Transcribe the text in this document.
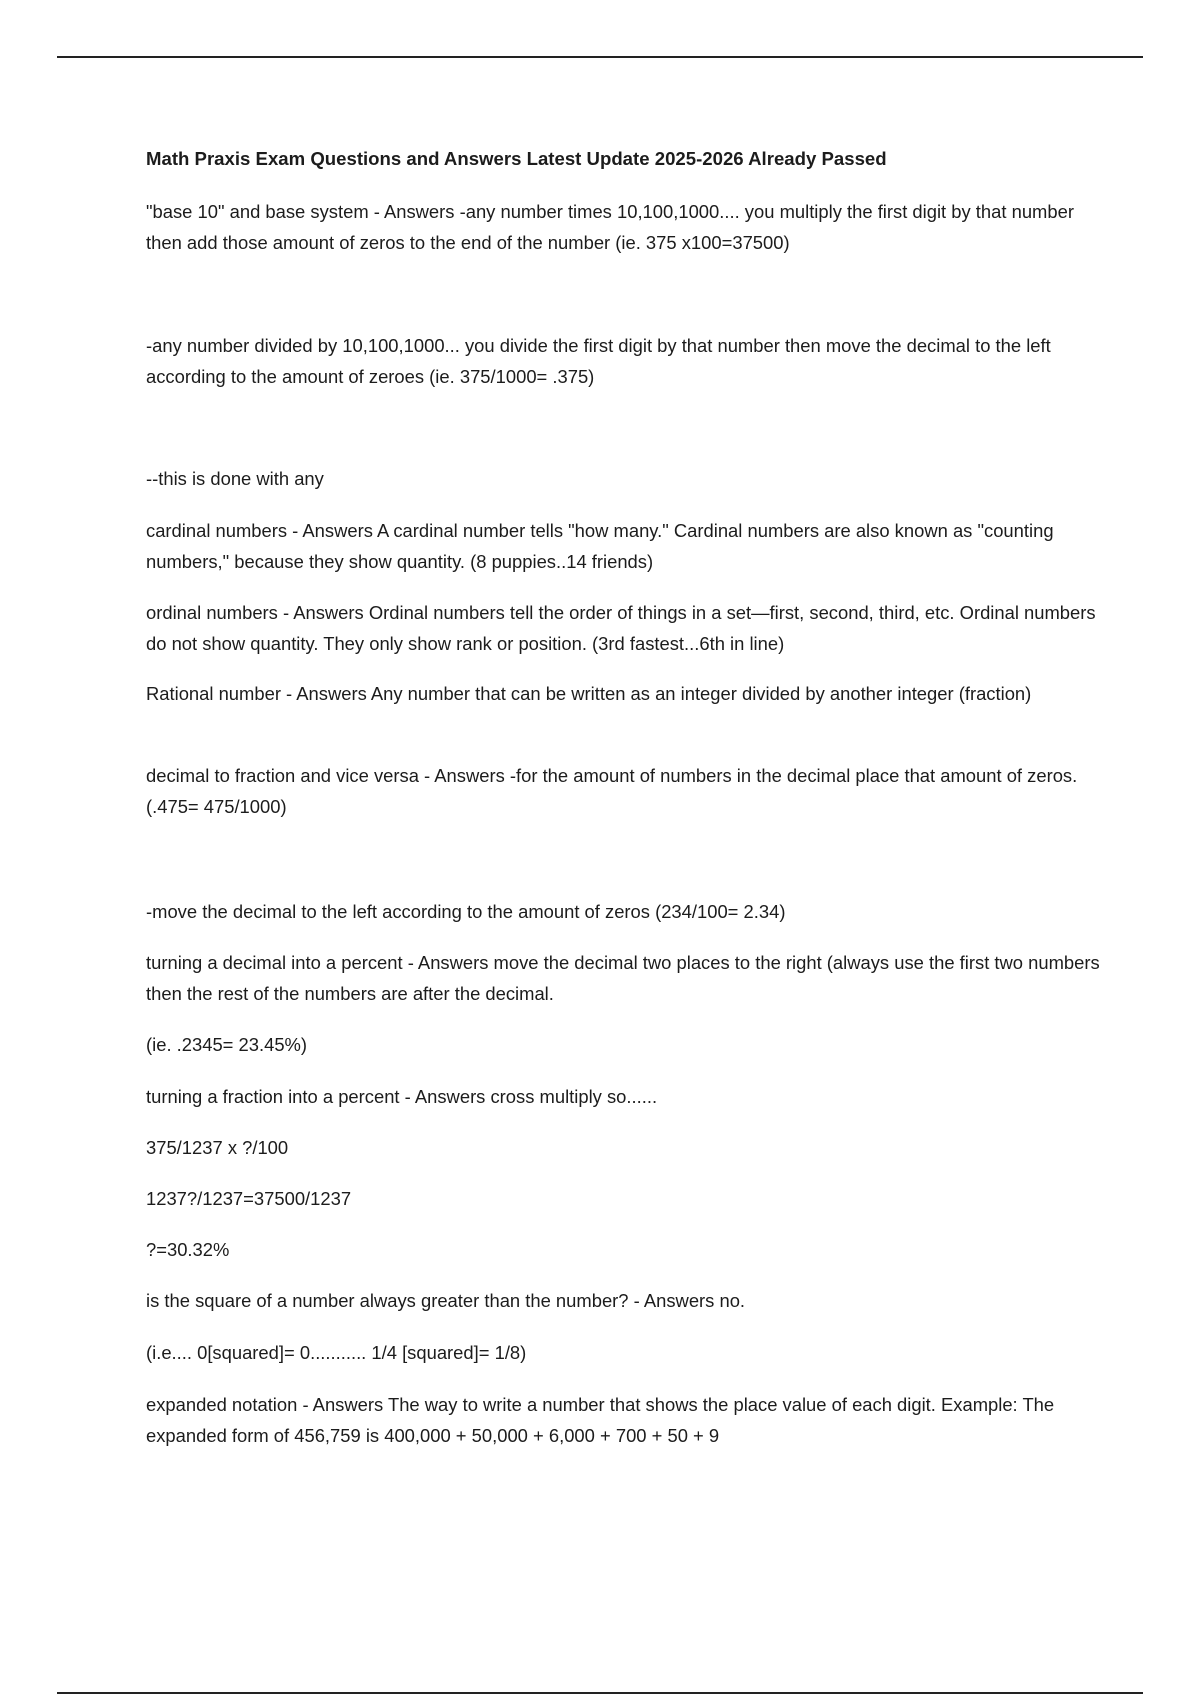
Math Praxis Exam Questions and Answers Latest Update 2025-2026 Already Passed

"base 10" and base system - Answers -any number times 10,100,1000.... you multiply the first digit by that number then add those amount of zeros to the end of the number (ie. 375 x100=37500)

-any number divided by 10,100,1000... you divide the first digit by that number then move the decimal to the left according to the amount of zeroes (ie. 375/1000= .375)

--this is done with any

cardinal numbers - Answers A cardinal number tells "how many." Cardinal numbers are also known as "counting numbers," because they show quantity. (8 puppies..14 friends)

ordinal numbers - Answers Ordinal numbers tell the order of things in a set—first, second, third, etc. Ordinal numbers do not show quantity. They only show rank or position. (3rd fastest...6th in line)

Rational number - Answers Any number that can be written as an integer divided by another integer (fraction)

decimal to fraction and vice versa - Answers -for the amount of numbers in the decimal place that amount of zeros. (.475= 475/1000)

-move the decimal to the left according to the amount of zeros (234/100= 2.34)

turning a decimal into a percent - Answers move the decimal two places to the right (always use the first two numbers then the rest of the numbers are after the decimal.

(ie. .2345= 23.45%)

turning a fraction into a percent - Answers cross multiply so......

375/1237 x ?/100

1237?/1237=37500/1237

?=30.32%

is the square of a number always greater than the number? - Answers no.

(i.e.... 0[squared]= 0........... 1/4 [squared]= 1/8)

expanded notation - Answers The way to write a number that shows the place value of each digit. Example: The expanded form of 456,759 is 400,000 + 50,000 + 6,000 + 700 + 50 + 9
